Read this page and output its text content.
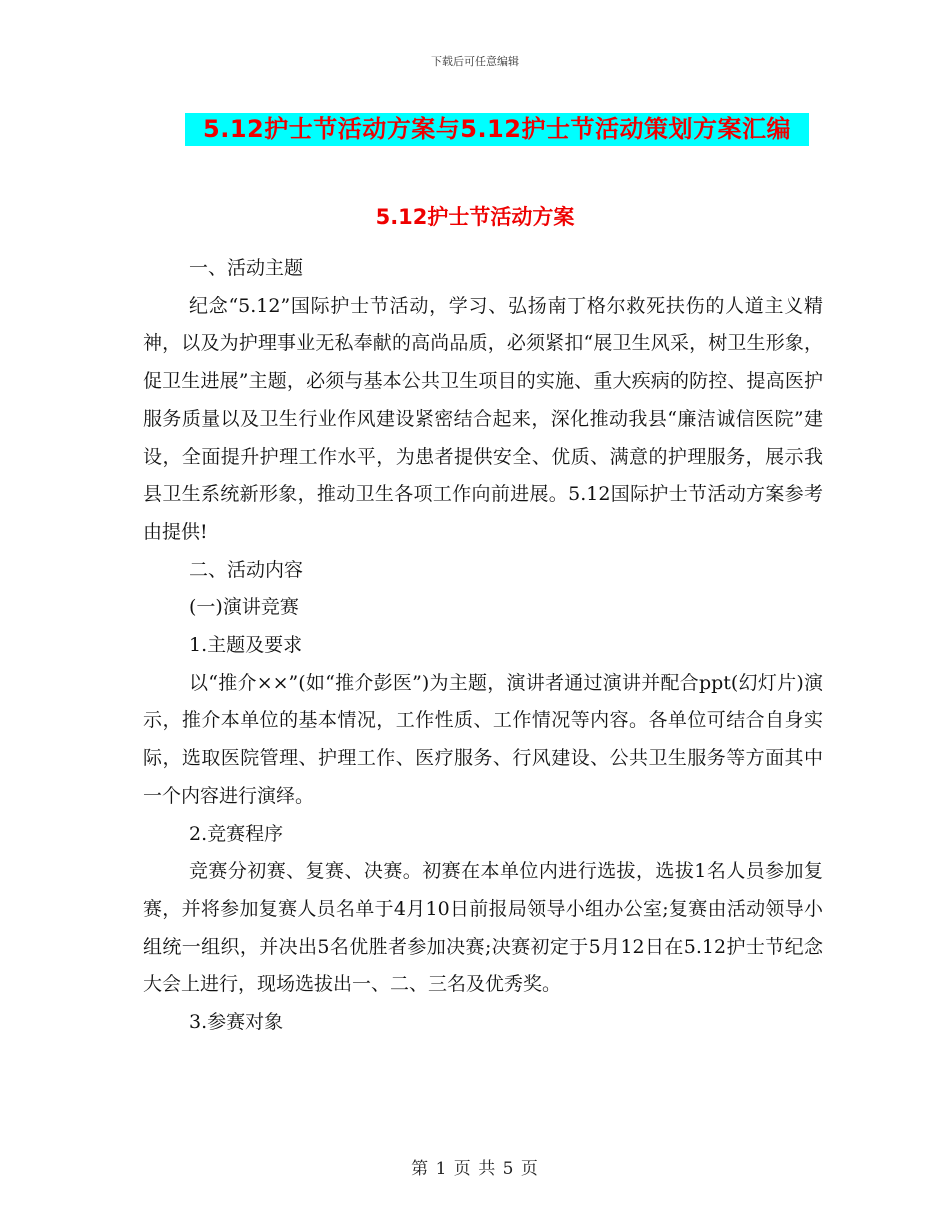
下载后可任意编辑
5.12护士节活动方案与5.12护士节活动策划方案汇编
5.12护士节活动方案

一、活动主题

纪念“5.12”国际护士节活动，学习、弘扬南丁格尔救死扶伤的人道主义精神，以及为护理事业无私奉献的高尚品质，必须紧扣“展卫生风采，树卫生形象，促卫生进展”主题，必须与基本公共卫生项目的实施、重大疾病的防控、提高医护服务质量以及卫生行业作风建设紧密结合起来，深化推动我县“廉洁诚信医院”建设，全面提升护理工作水平，为患者提供安全、优质、满意的护理服务，展示我县卫生系统新形象，推动卫生各项工作向前进展。5.12国际护士节活动方案参考由提供!

二、活动内容

(一)演讲竞赛

1.主题及要求

以“推介××”(如“推介彭医”)为主题，演讲者通过演讲并配合ppt(幻灯片)演示，推介本单位的基本情况，工作性质、工作情况等内容。各单位可结合自身实际，选取医院管理、护理工作、医疗服务、行风建设、公共卫生服务等方面其中一个内容进行演绎。

2.竞赛程序

竞赛分初赛、复赛、决赛。初赛在本单位内进行选拔，选拔1名人员参加复赛，并将参加复赛人员名单于4月10日前报局领导小组办公室;复赛由活动领导小组统一组织，并决出5名优胜者参加决赛;决赛初定于5月12日在5.12护士节纪念大会上进行，现场选拔出一、二、三名及优秀奖。

3.参赛对象

第 1 页 共 5 页
